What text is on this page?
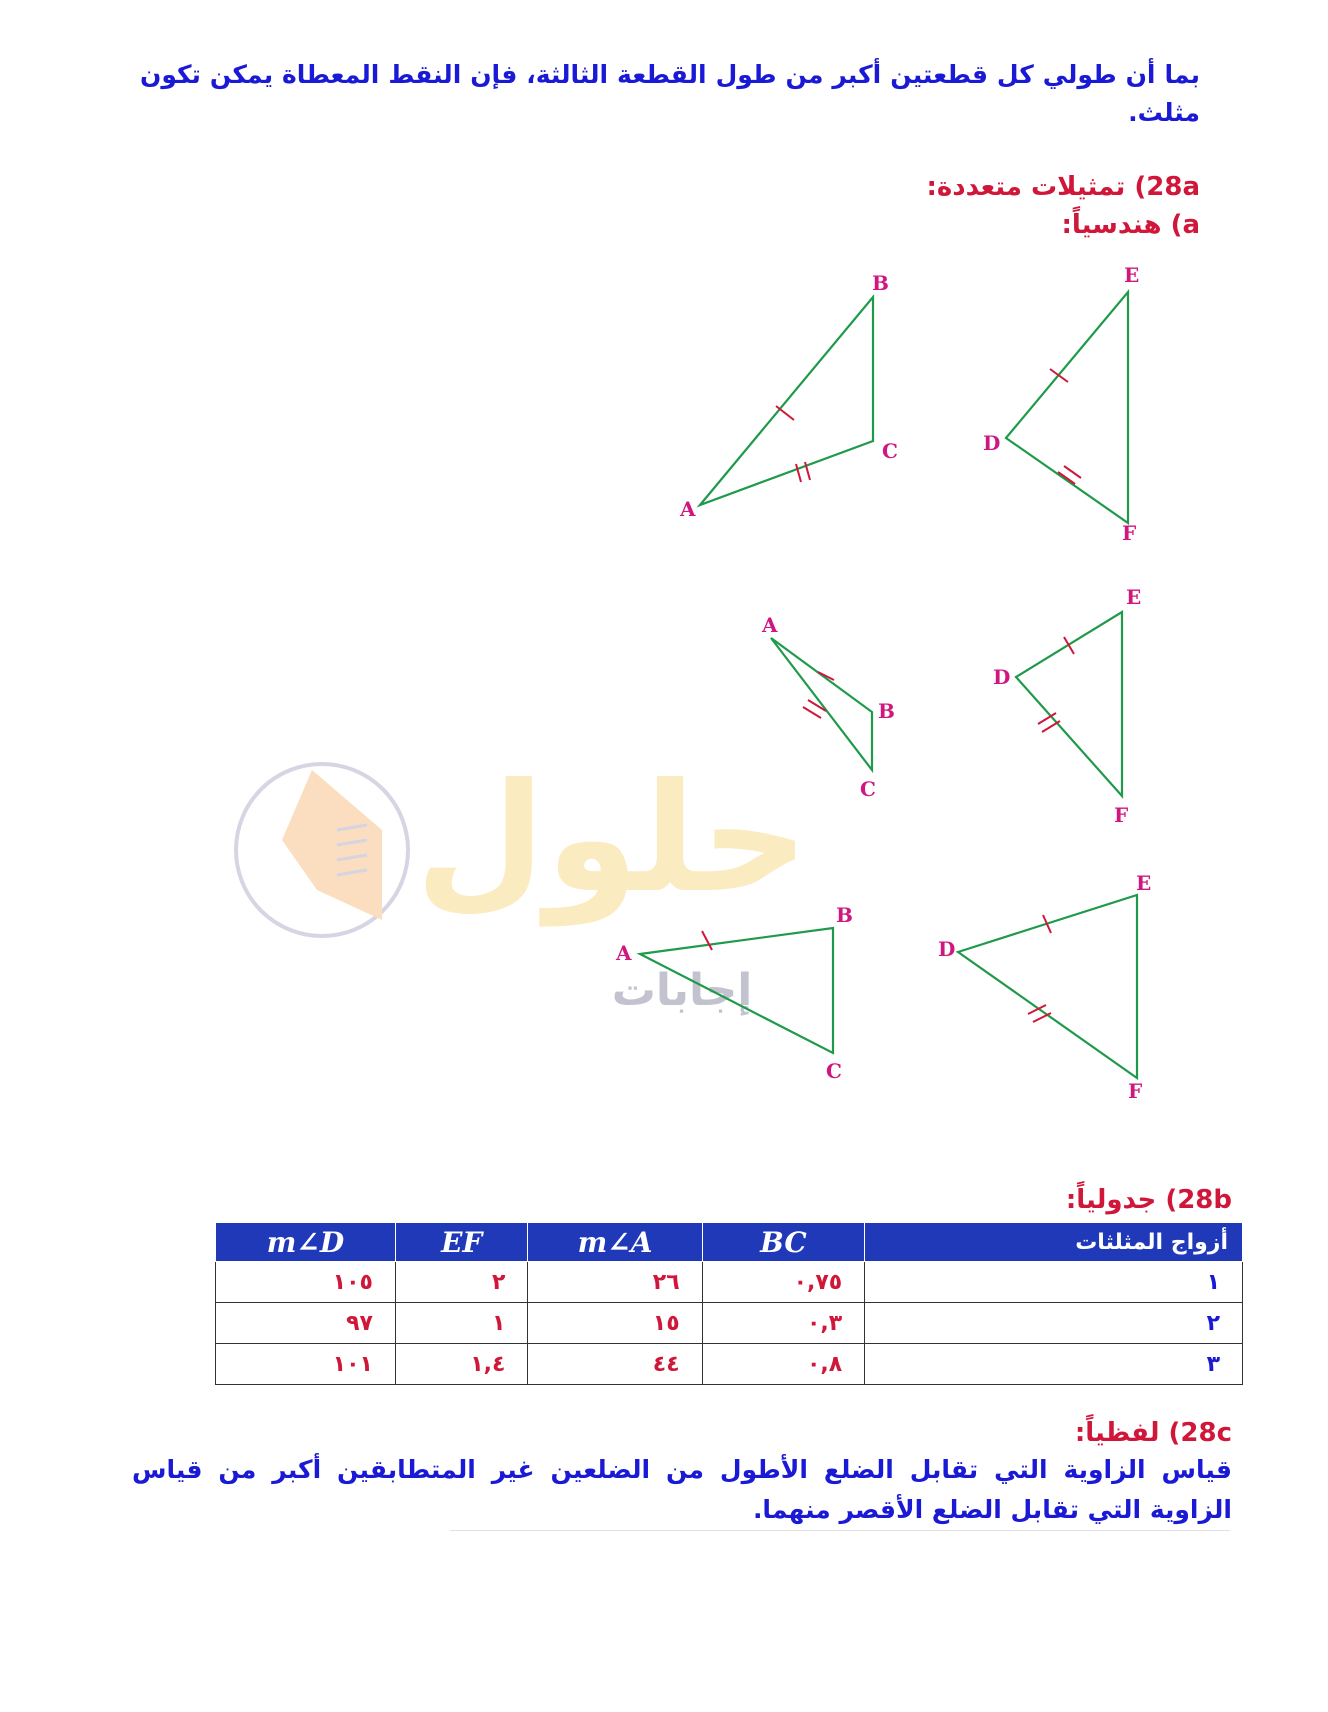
بما أن طولي كل قطعتين أكبر من طول القطعة الثالثة، فإن النقط المعطاة يمكن تكون مثلث.
28a) تمثيلات متعددة:
a) هندسياً:
حلول
إجابات
A
B
C	D
E
F
A
B
C
D
E
F
A
B
C
D
E
F
28b) جدولياً:
أزواج المثلثات	BC	m∠A	EF	m∠D
١	٠,٧٥	٢٦	٢	١٠٥
٢	٠,٣	١٥	١	٩٧
٣	٠,٨	٤٤	١,٤	١٠١
28c) لفظياً:
قياس الزاوية التي تقابل الضلع الأطول من الضلعين غير المتطابقين أكبر من قياس الزاوية التي تقابل الضلع الأقصر منهما.
